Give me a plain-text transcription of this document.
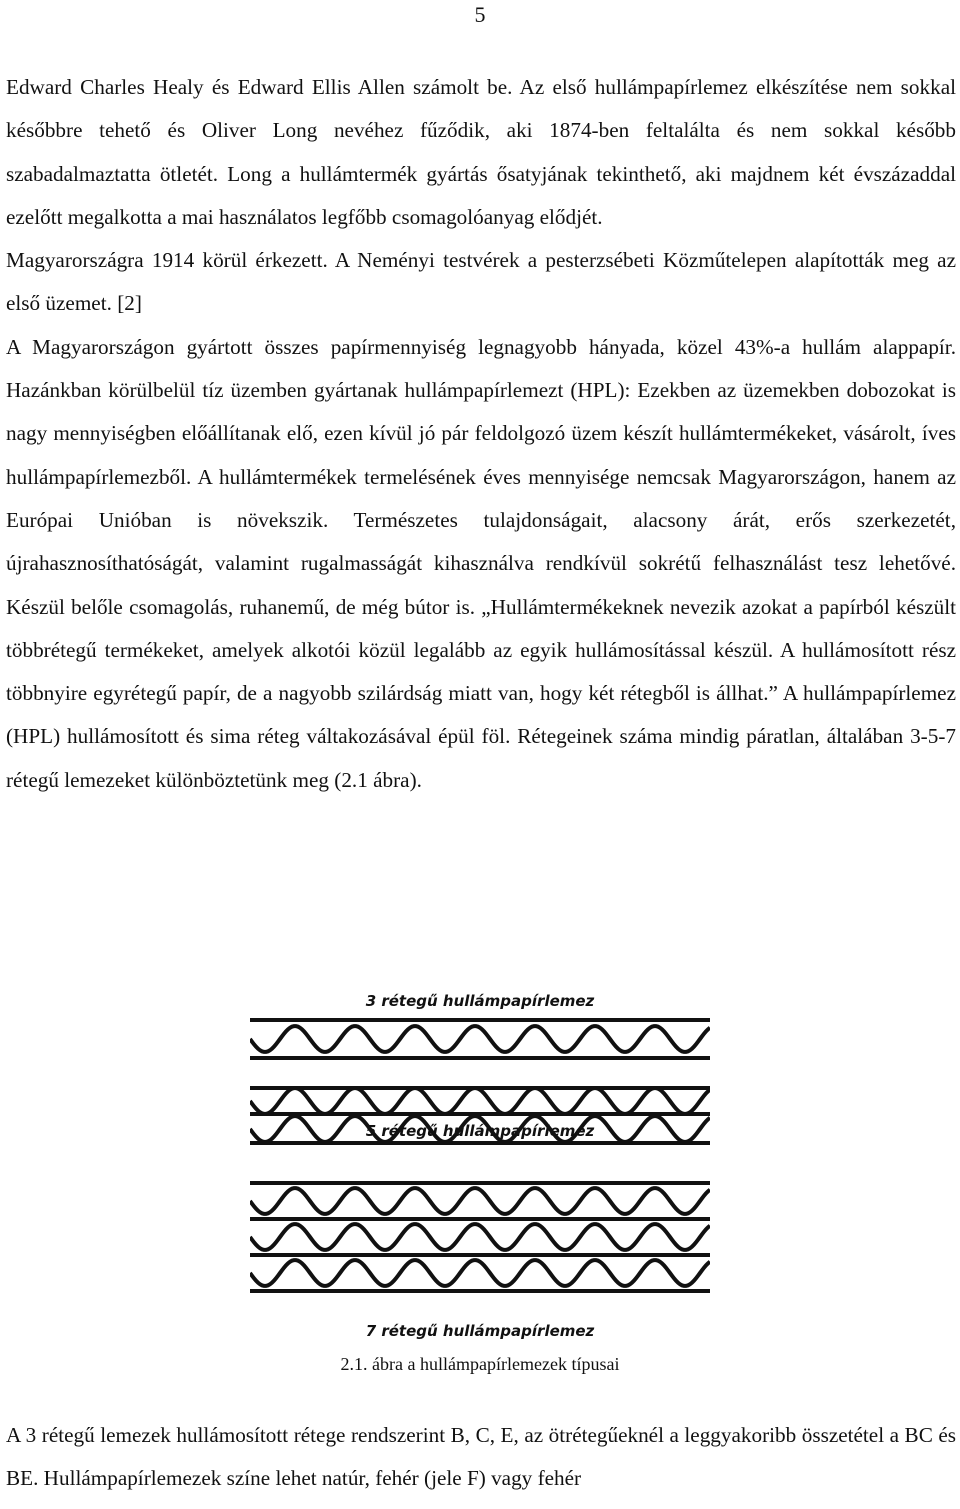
5

Edward Charles Healy és Edward Ellis Allen számolt be. Az első hullámpapírlemez elkészítése nem sokkal későbbre tehető és Oliver Long nevéhez fűződik, aki 1874-ben feltalálta és nem sokkal később szabadalmaztatta ötletét. Long a hullámtermék gyártás ősatyjának tekinthető, aki majdnem két évszázaddal ezelőtt megalkotta a mai használatos legfőbb csomagolóanyag elődjét.

Magyarországra 1914 körül érkezett. A Neményi testvérek a pesterzsébeti Közműtelepen alapították meg az első üzemet. [2]

A Magyarországon gyártott összes papírmennyiség legnagyobb hányada, közel 43%-a hullám alappapír. Hazánkban körülbelül tíz üzemben gyártanak hullámpapírlemezt (HPL): Ezekben az üzemekben dobozokat is nagy mennyiségben előállítanak elő, ezen kívül jó pár feldolgozó üzem készít hullámtermékeket, vásárolt, íves hullámpapírlemezből. A hullámtermékek termelésének éves mennyisége nemcsak Magyarországon, hanem az Európai Unióban is növekszik. Természetes tulajdonságait, alacsony árát, erős szerkezetét, újrahasznosíthatóságát, valamint rugalmasságát kihasználva rendkívül sokrétű felhasználást tesz lehetővé. Készül belőle csomagolás, ruhanemű, de még bútor is. „Hullámtermékeknek nevezik azokat a papírból készült többrétegű termékeket, amelyek alkotói közül legalább az egyik hullámosítással készül. A hullámosított rész többnyire egyrétegű papír, de a nagyobb szilárdság miatt van, hogy két rétegből is állhat.” A hullámpapírlemez (HPL) hullámosított és sima réteg váltakozásával épül föl. Rétegeinek száma mindig páratlan, általában 3-5-7 rétegű lemezeket különböztetünk meg (2.1 ábra).

3 rétegű hullámpapírlemez
5 rétegű hullámpapírlemez
7 rétegű hullámpapírlemez
2.1. ábra a hullámpapírlemezek típusai

A 3 rétegű lemezek hullámosított rétege rendszerint B, C, E, az ötrétegűeknél a leggyakoribb összetétel a BC és BE. Hullámpapírlemezek színe lehet natúr, fehér (jele F) vagy fehér
